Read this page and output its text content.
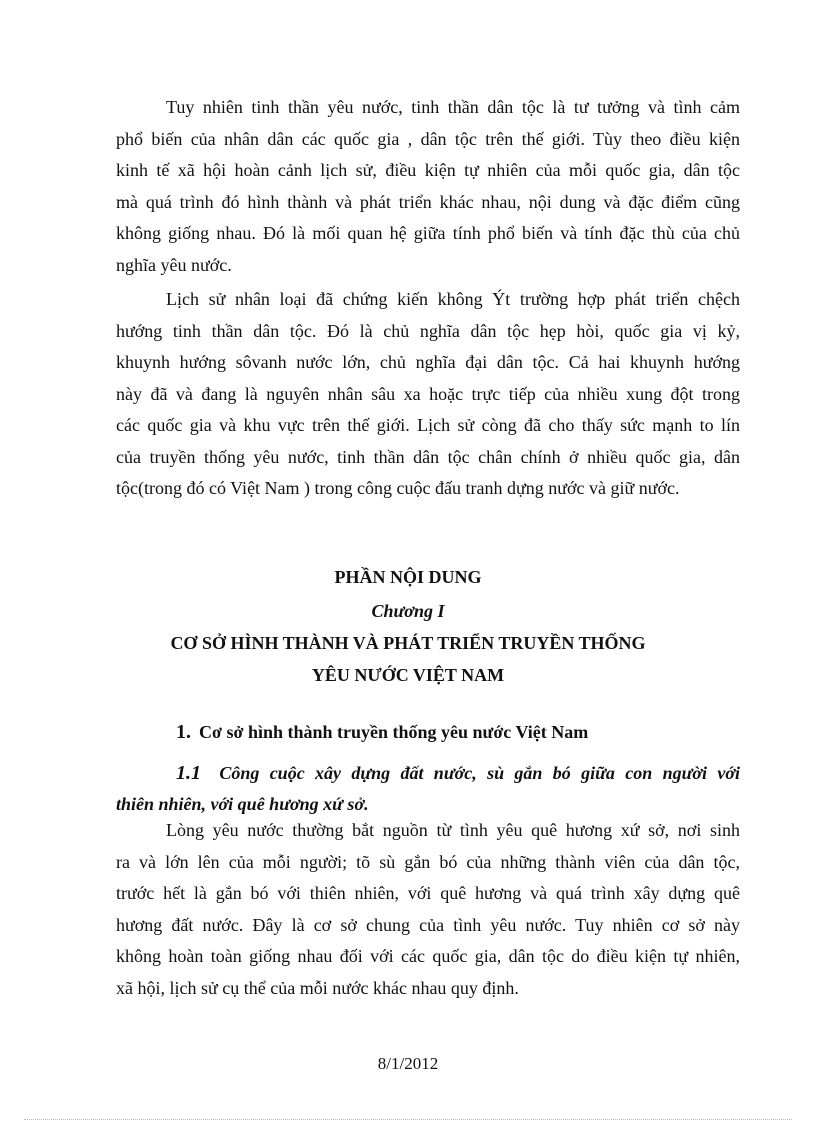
Tuy nhiên tinh thần yêu nước, tinh thần dân tộc là tư tưởng và tình cảm
phổ biến của nhân dân các quốc gia , dân tộc trên thế giới. Tùy theo điều kiện
kinh tế xã hội hoàn cảnh lịch sử, điều kiện tự nhiên của mỗi quốc gia, dân tộc
mà quá trình đó hình thành và phát triển khác nhau, nội dung và đặc điểm cũng
không giống nhau. Đó là mối quan hệ giữa tính phổ biến và tính đặc thù của chủ
nghĩa yêu nước.
Lịch sử nhân loại đã chứng kiến không Ýt trường hợp phát triển chệch
hướng tinh thần dân tộc. Đó là chủ nghĩa dân tộc hẹp hòi, quốc gia vị kỷ,
khuynh hướng sôvanh nước lớn, chủ nghĩa đại dân tộc. Cả hai khuynh hướng
này đã và đang là nguyên nhân sâu xa hoặc trực tiếp của nhiều xung đột trong
các quốc gia và khu vực trên thế giới. Lịch sử còng đã cho thấy sức mạnh to lín
của truyền thống yêu nước, tinh thần dân tộc chân chính ở nhiều quốc gia, dân
tộc(trong đó có Việt Nam ) trong công cuộc đấu tranh dựng nước và giữ nước.

PHẦN NỘI DUNG

Chương I

CƠ SỞ HÌNH THÀNH VÀ PHÁT TRIỂN TRUYỀN THỐNG

YÊU NƯỚC VIỆT NAM

1. Cơ sở hình thành truyền thống yêu nước Việt Nam

1.1 Công cuộc xây dựng đất nước, sù gắn bó giữa con người với
thiên nhiên, với quê hương xứ sở.
Lòng yêu nước thường bắt nguồn từ tình yêu quê hương xứ sở, nơi sinh
ra và lớn lên của mỗi người; tõ sù gắn bó của những thành viên của dân tộc,
trước hết là gắn bó với thiên nhiên, với quê hương và quá trình xây dựng quê
hương đất nước. Đây là cơ sở chung của tình yêu nước. Tuy nhiên cơ sở này
không hoàn toàn giống nhau đối với các quốc gia, dân tộc do điều kiện tự nhiên,
xã hội, lịch sử cụ thể của mỗi nước khác nhau quy định.

8/1/2012
